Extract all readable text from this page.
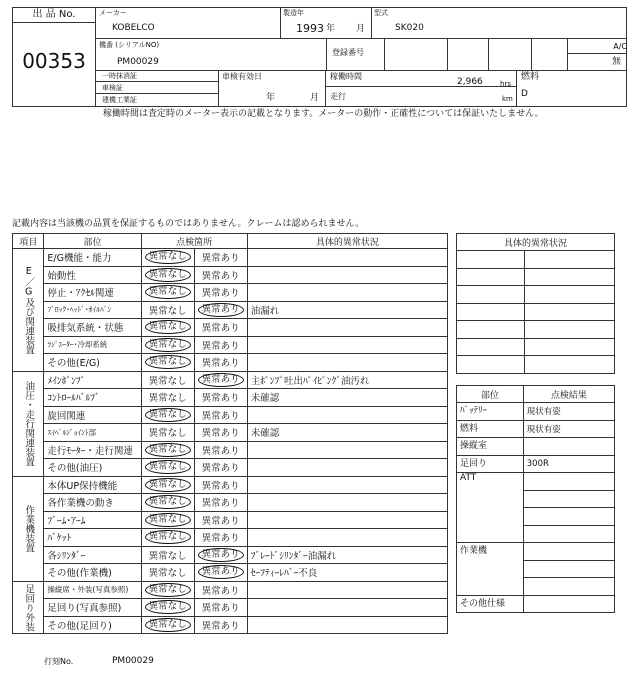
出 品 No.
00353
メーカー
KOBELCO
製造年
1993 年 月
型式
SK020
機番 (シリアルNO)
PM00029
登録番号
A/C
無
一時抹消証
車検証
建機工業証
車検有効日
年	月
稼働時間
2,966 hrs
走行	km
燃料
D
稼働時間は査定時のメーター表示の記載となります。メーターの動作・正確性については保証いたしません。
記載内容は当該機の品質を保証するものではありません。クレームは認められません。
項目	部位	点検箇所		具体的異常状況
E／G及び関連装置	E/G機能・能力	異常なし	異常あり	
	始動性	異常なし	異常あり	
	停止・ｱｸｾﾙ関連	異常なし	異常あり	
	ﾌﾞﾛｯｸ･ﾍｯﾄﾞ･ｵｲﾙﾊﾟﾝ	異常なし	異常あり	油漏れ
	吸排気系統・状態	異常なし	異常あり	
	ﾗｼﾞｴｰﾀｰ･冷却系統	異常なし	異常あり	
	その他(E/G)	異常なし	異常あり	
油圧・走行関連装置	ﾒｲﾝﾎﾟﾝﾌﾟ	異常なし	異常あり	主ﾎﾟﾝﾌﾟ吐出ﾊﾟｲﾋﾟﾝｸﾞ油汚れ
	ｺﾝﾄﾛｰﾙﾊﾞﾙﾌﾞ	異常なし	異常あり	未確認
	旋回関連	異常なし	異常あり	
	ｽｲﾍﾞﾙｼﾞｮｲﾝﾄ部	異常なし	異常あり	未確認
	走行ﾓｰﾀｰ・走行関連	異常なし	異常あり	
	その他(油圧)	異常なし	異常あり	
作業機装置	本体UP保持機能	異常なし	異常あり	
	各作業機の動き	異常なし	異常あり	
	ﾌﾞｰﾑ･ｱｰﾑ	異常なし	異常あり	
	ﾊﾞｹｯﾄ	異常なし	異常あり	
	各ｼﾘﾝﾀﾞｰ	異常なし	異常あり	ﾌﾞﾚｰﾄﾞｼﾘﾝﾀﾞｰ油漏れ
	その他(作業機)	異常なし	異常あり	ｾｰﾌﾃｨｰﾚﾊﾞｰ不良
足回り外装	操縦席・外装(写真参照)	異常なし	異常あり	
	足回り(写真参照)	異常なし	異常あり	
	その他(足回り)	異常なし	異常あり	
具体的異常状況	

部位	点検結果
ﾊﾞｯﾃﾘｰ	現状有姿
燃料	現状有姿
操縦室	
足回り	300R
ATT	

作業機	

その他仕様	
打刻No.	PM00029
